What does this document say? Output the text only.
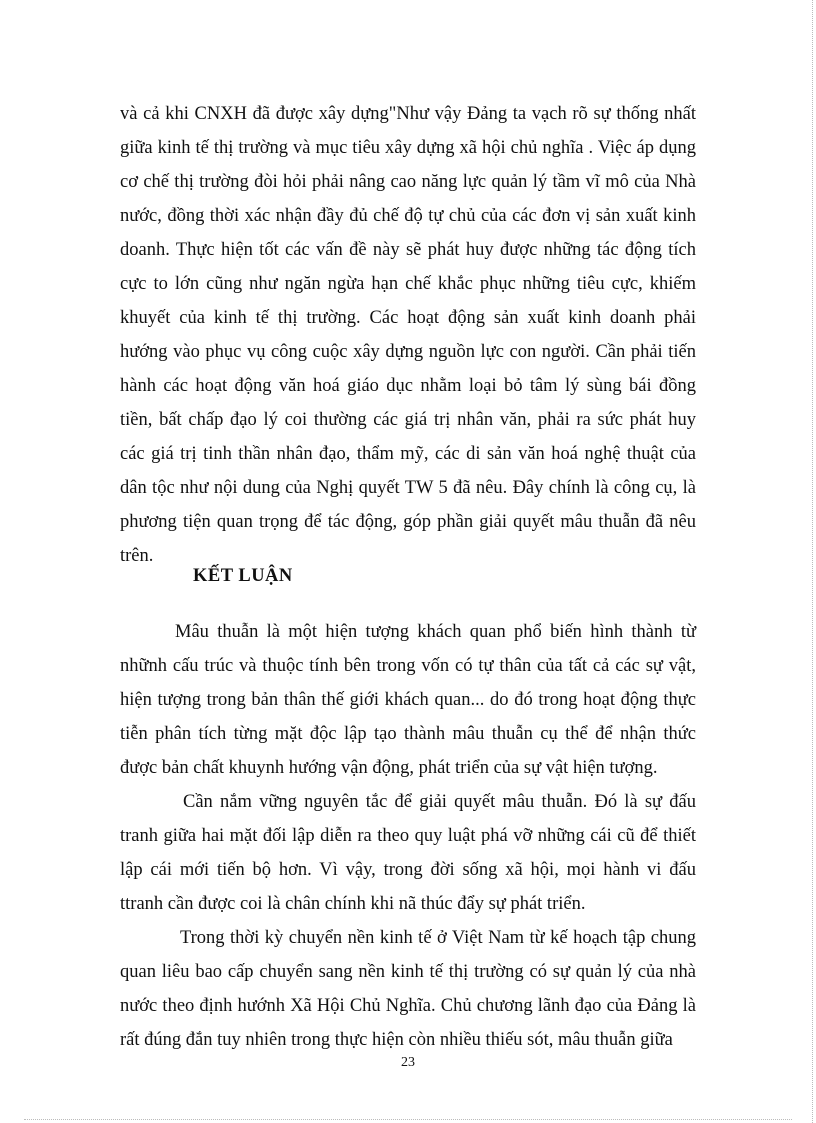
và cả khi CNXH đã được xây dựng"Như vậy Đảng ta vạch rõ sự thống nhất
giữa kinh tế thị trường và mục tiêu xây dựng xã hội chủ nghĩa . Việc áp dụng
cơ chế thị trường đòi hỏi phải nâng cao năng lực quản lý tầm vĩ mô của Nhà
nước, đồng thời xác nhận đầy đủ chế độ tự chủ của các đơn vị sản xuất kinh
doanh. Thực hiện tốt các vấn đề này sẽ phát huy được những tác động tích
cực to lớn cũng như ngăn ngừa hạn chế khắc phục những tiêu cực, khiếm
khuyết của kinh tế thị trường. Các hoạt động sản xuất kinh doanh phải
hướng vào phục vụ công cuộc xây dựng nguồn lực con người. Cần phải tiến
hành các hoạt động văn hoá giáo dục nhằm loại bỏ tâm lý sùng bái đồng
tiền, bất chấp đạo lý coi thường các giá trị nhân văn, phải ra sức phát huy
các giá trị tinh thần nhân đạo, thẩm mỹ, các di sản văn hoá nghệ thuật của
dân tộc như nội dung của Nghị quyết TW 5 đã nêu. Đây chính là công cụ, là
phương tiện quan trọng để tác động, góp phần giải quyết mâu thuẫn đã nêu
trên.
KẾT LUẬN
Mâu thuẫn là một hiện tượng khách quan phổ biến hình thành từ
nhữnh cấu trúc và thuộc tính bên trong vốn có tự thân của tất cả các sự vật,
hiện tượng trong bản thân thế giới khách quan... do đó trong hoạt động thực
tiễn phân tích từng mặt độc lập tạo thành mâu thuẫn cụ thể để nhận thức
được bản chất khuynh hướng vận động, phát triển của sự vật hiện tượng.
Cần nắm vững nguyên tắc để giải quyết mâu thuẫn. Đó là sự đấu
tranh giữa hai mặt đối lập diễn ra theo quy luật phá vỡ những cái cũ để thiết
lập cái mới tiến bộ hơn. Vì vậy, trong đời sống xã hội, mọi hành vi đấu
ttranh cần được coi là chân chính khi nã thúc đẩy sự phát triển.
Trong thời kỳ chuyển nền kinh tế ở Việt Nam từ kế hoạch tập chung
quan liêu bao cấp chuyển sang nền kinh tế thị trường có sự quản lý của nhà
nước theo định hướnh Xã Hội Chủ Nghĩa. Chủ chương lãnh đạo của Đảng là
rất đúng đắn tuy nhiên trong thực hiện còn nhiều thiếu sót, mâu thuẫn giữa
23
